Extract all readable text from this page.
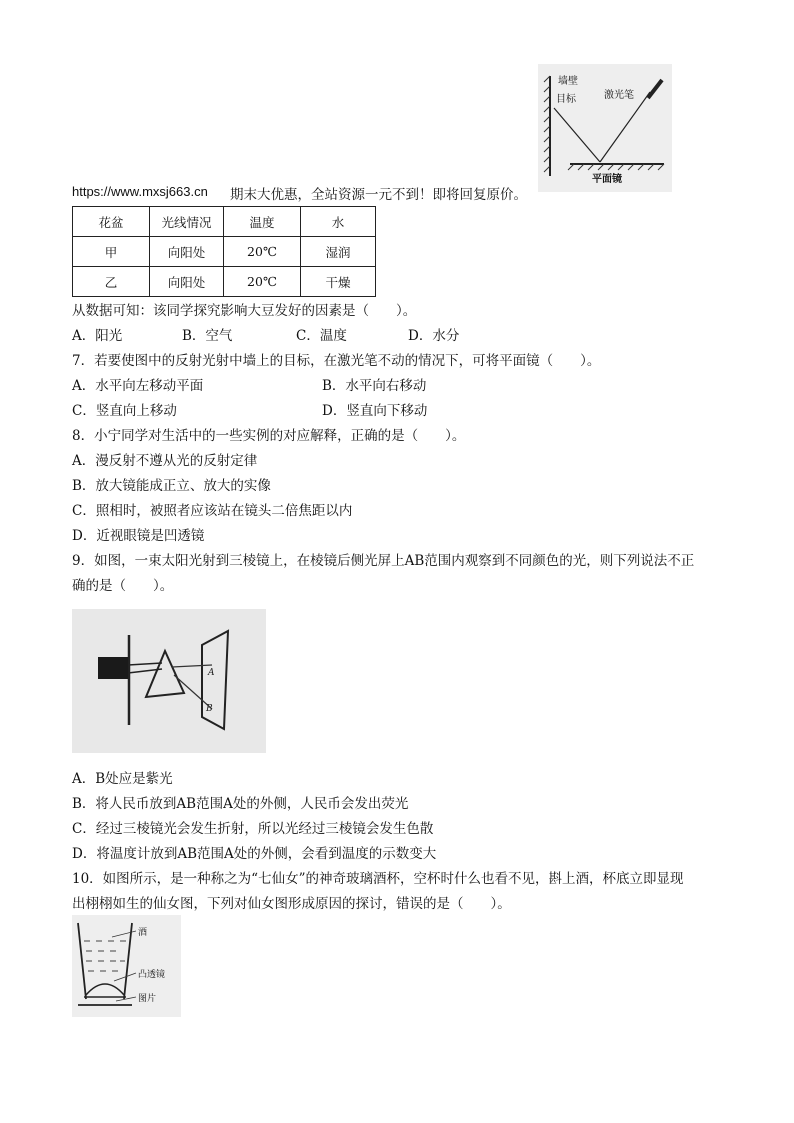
墙壁
目标	激光笔
平面镜
https://www.mxsj663.cn 期末大优惠，全站资源一元不到！即将回复原价。
花盆	光线情况	温度	水
甲	向阳处	20℃	湿润
乙	向阳处	20℃	干燥
从数据可知：该同学探究影响大豆发好的因素是（　　）。
A．阳光	B．空气	C．温度	D．水分
7．若要使图中的反射光射中墙上的目标，在激光笔不动的情况下，可将平面镜（　　）。
A．水平向左移动平面	B．水平向右移动
C．竖直向上移动	D．竖直向下移动
8．小宁同学对生活中的一些实例的对应解释，正确的是（　　）。
A．漫反射不遵从光的反射定律
B．放大镜能成正立、放大的实像
C．照相时，被照者应该站在镜头二倍焦距以内
D．近视眼镜是凹透镜
9．如图，一束太阳光射到三棱镜上，在棱镜后侧光屏上AB范围内观察到不同颜色的光，则下列说法不正
确的是（　　）。
A
B
A．B处应是紫光
B．将人民币放到AB范围A处的外侧，人民币会发出荧光
C．经过三棱镜光会发生折射，所以光经过三棱镜会发生色散
D．将温度计放到AB范围A处的外侧，会看到温度的示数变大
10．如图所示，是一种称之为“七仙女”的神奇玻璃酒杯，空杯时什么也看不见，斟上酒，杯底立即显现
出栩栩如生的仙女图，下列对仙女图形成原因的探讨，错误的是（　　）。
酒
凸透镜
图片
